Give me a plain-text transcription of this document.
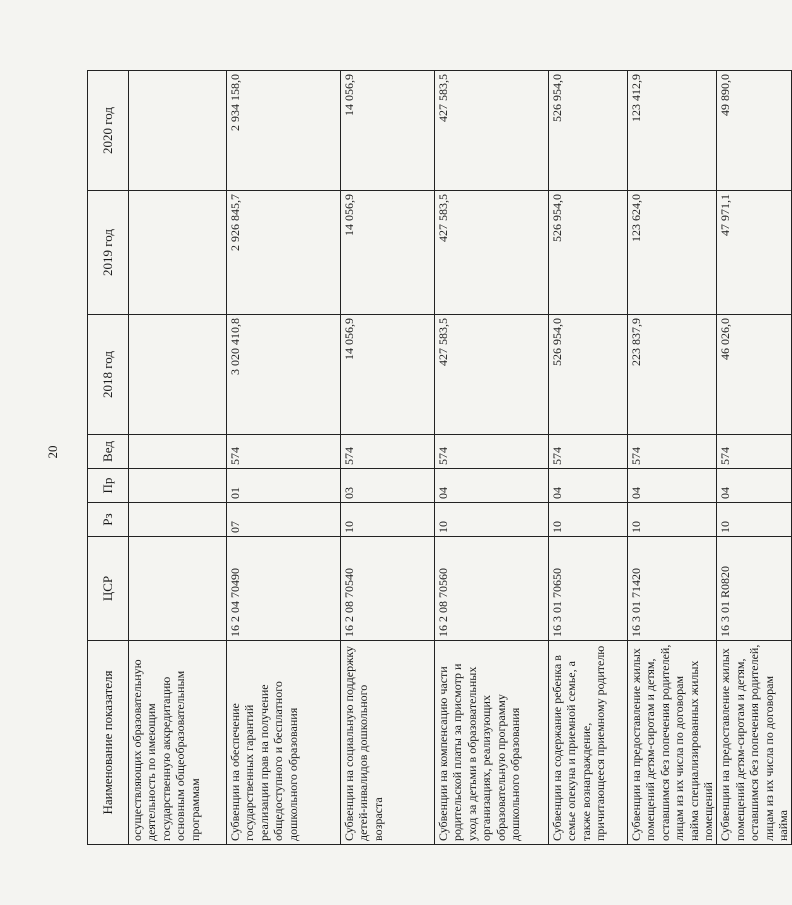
20
Наименование показателя	ЦСР	Рз	Пр	Вед	2018 год	2019 год	2020 год
осуществляющих образовательную деятельность по имеющим государственную аккредитацию основным общеобразовательным программам							
Субвенции на обеспечение государственных гарантий реализации прав на получение общедоступного и бесплатного дошкольного образования	16 2 04 70490	07	01	574	3 020 410,8	2 926 845,7	2 934 158,0
Субвенции на социальную поддержку детей-инвалидов дошкольного возраста	16 2 08 70540	10	03	574	14 056,9	14 056,9	14 056,9
Субвенции на компенсацию части родительской платы за присмотр и уход за детьми в образовательных организациях, реализующих образовательную программу дошкольного образования	16 2 08 70560	10	04	574	427 583,5	427 583,5	427 583,5
Субвенции на содержание ребенка в семье опекуна и приемной семье, а также вознаграждение, причитающееся приемному родителю	16 3 01 70650	10	04	574	526 954,0	526 954,0	526 954,0
Субвенции на предоставление жилых помещений детям-сиротам и детям, оставшимся без попечения родителей, лицам из их числа по договорам найма специализированных жилых помещений	16 3 01 71420	10	04	574	223 837,9	123 624,0	123 412,9
Субвенции на предоставление жилых помещений детям-сиротам и детям, оставшимся без попечения родителей, лицам из их числа по договорам найма	16 3 01 R0820	10	04	574	46 026,0	47 971,1	49 890,0
